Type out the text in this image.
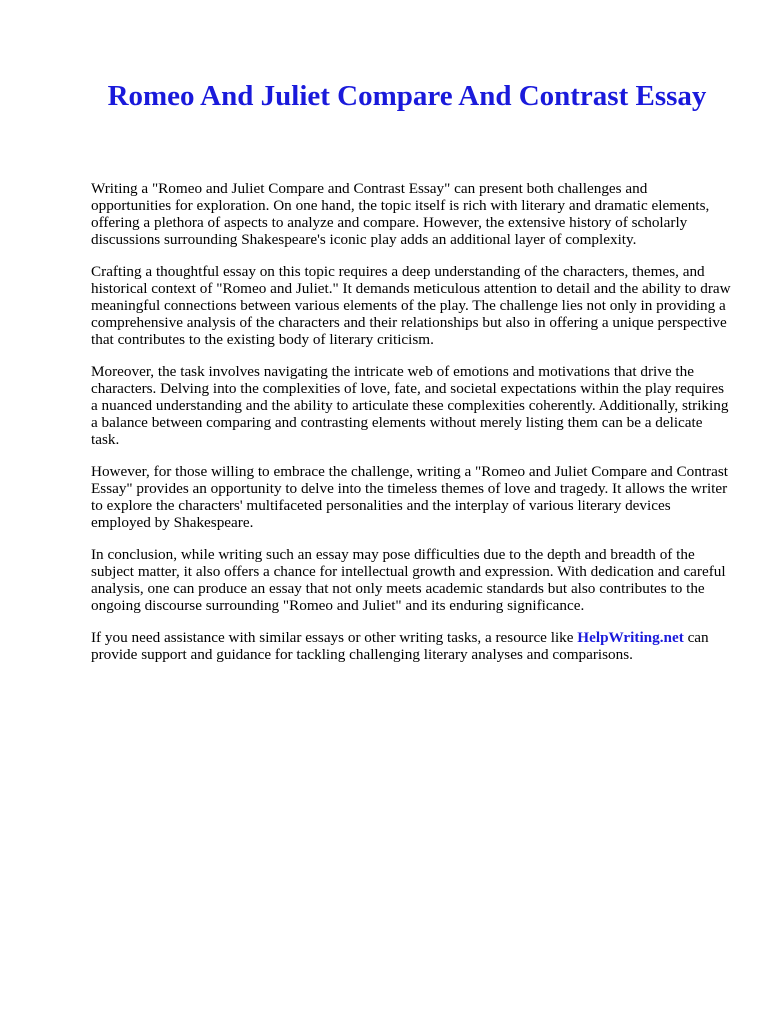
Romeo And Juliet Compare And Contrast Essay

Writing a "Romeo and Juliet Compare and Contrast Essay" can present both challenges and opportunities for exploration. On one hand, the topic itself is rich with literary and dramatic elements, offering a plethora of aspects to analyze and compare. However, the extensive history of scholarly discussions surrounding Shakespeare's iconic play adds an additional layer of complexity.

Crafting a thoughtful essay on this topic requires a deep understanding of the characters, themes, and historical context of "Romeo and Juliet." It demands meticulous attention to detail and the ability to draw meaningful connections between various elements of the play. The challenge lies not only in providing a comprehensive analysis of the characters and their relationships but also in offering a unique perspective that contributes to the existing body of literary criticism.

Moreover, the task involves navigating the intricate web of emotions and motivations that drive the characters. Delving into the complexities of love, fate, and societal expectations within the play requires a nuanced understanding and the ability to articulate these complexities coherently. Additionally, striking a balance between comparing and contrasting elements without merely listing them can be a delicate task.

However, for those willing to embrace the challenge, writing a "Romeo and Juliet Compare and Contrast Essay" provides an opportunity to delve into the timeless themes of love and tragedy. It allows the writer to explore the characters' multifaceted personalities and the interplay of various literary devices employed by Shakespeare.

In conclusion, while writing such an essay may pose difficulties due to the depth and breadth of the subject matter, it also offers a chance for intellectual growth and expression. With dedication and careful analysis, one can produce an essay that not only meets academic standards but also contributes to the ongoing discourse surrounding "Romeo and Juliet" and its enduring significance.

If you need assistance with similar essays or other writing tasks, a resource like HelpWriting.net can provide support and guidance for tackling challenging literary analyses and comparisons.
